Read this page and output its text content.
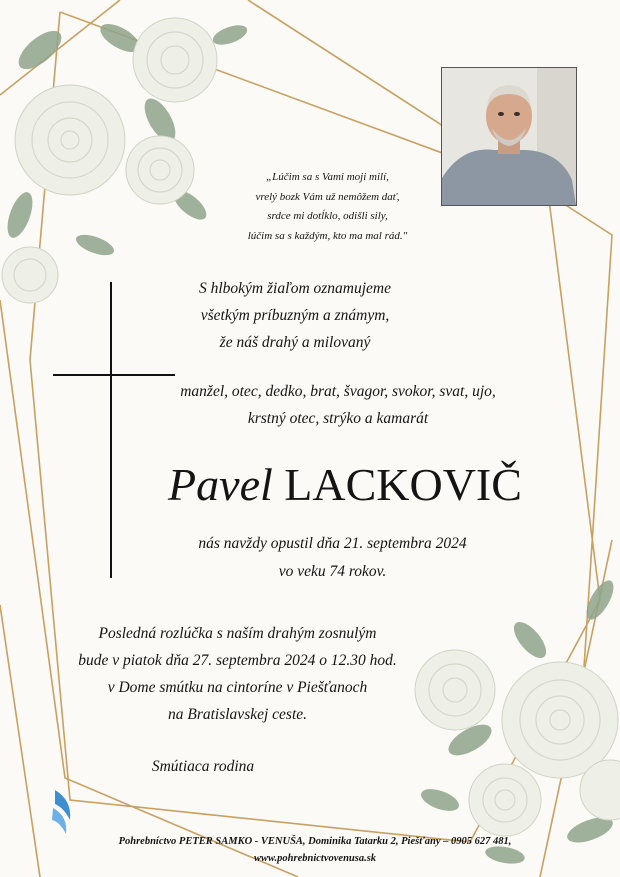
„Lúčim sa s Vami moji milí,
vrelý bozk Vám už nemôžem dať,
srdce mi dotĺklo, odišli sily,
lúčim sa s každým, kto ma mal rád."
S hlbokým žiaľom oznamujeme
všetkým príbuzným a známym,
že náš drahý a milovaný
manžel, otec, dedko, brat, švagor, svokor, svat, ujo,
krstný otec, strýko a kamarát
Pavel LACKOVIČ
nás navždy opustil dňa 21. septembra 2024
vo veku 74 rokov.
Posledná rozlúčka s naším drahým zosnulým
bude v piatok dňa 27. septembra 2024 o 12.30 hod.
v Dome smútku na cintoríne v Piešťanoch
na Bratislavskej ceste.
Smútiaca rodina
Pohrebníctvo PETER SAMKO - VENUŠA, Dominika Tatarku 2, Piešťany – 0905 627 481,
www.pohrebnictvovenusa.sk
